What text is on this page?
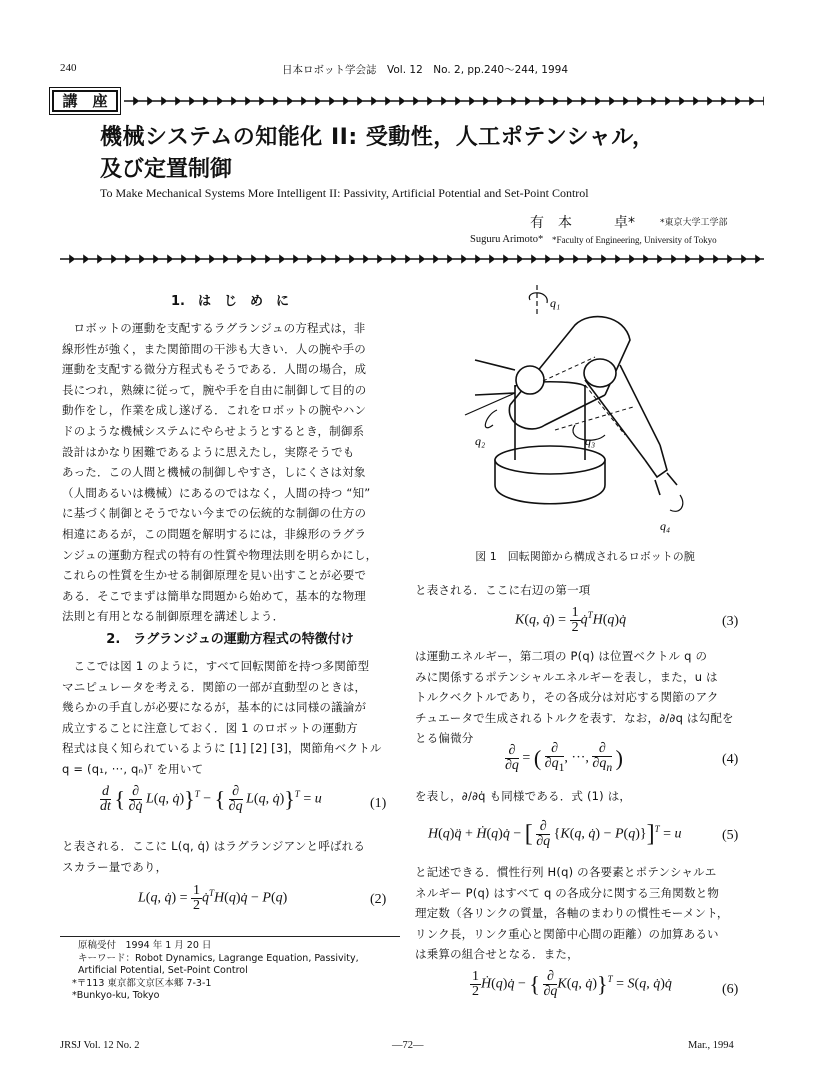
240	日本ロボット学会誌　Vol. 12　No. 2, pp.240〜244, 1994
講　座
機械システムの知能化 II: 受動性，人工ポテンシャル，
及び定置制御
To Make Mechanical Systems More Intelligent II: Passivity, Artificial Potential and Set-Point Control
有　本　　　卓*	*東京大学工学部
Suguru Arimoto* *Faculty of Engineering, University of Tokyo
1.　は　じ　め　に
ロボットの運動を支配するラグランジュの方程式は，非
線形性が強く，また関節間の干渉も大きい．人の腕や手の
運動を支配する微分方程式もそうである．人間の場合，成
長につれ，熟練に従って，腕や手を自由に制御して目的の
動作をし，作業を成し遂げる．これをロボットの腕やハン
ドのような機械システムにやらせようとするとき，制御系
設計はかなり困難であるように思えたし，実際そうでも
あった．この人間と機械の制御しやすさ，しにくさは対象
（人間あるいは機械）にあるのではなく，人間の持つ “知”
に基づく制御とそうでない今までの伝統的な制御の仕方の
相違にあるが，この問題を解明するには，非線形のラグラ
ンジュの運動方程式の特有の性質や物理法則を明らかにし，
これらの性質を生かせる制御原理を見い出すことが必要で
ある．そこでまずは簡単な問題から始めて，基本的な物理
法則と有用となる制御原理を講述しよう．
2.　ラグランジュの運動方程式の特徴付け
ここでは図 1 のように，すべて回転関節を持つ多関節型
マニピュレータを考える．関節の一部が直動型のときは，
幾らかの手直しが必要になるが，基本的には同様の議論が
成立することに注意しておく．図 1 のロボットの運動方
程式は良く知られているように [1] [2] [3]，関節角ベクトル
q = (q₁, ···, qₙ)ᵀ を用いて
$\frac{d}{dt}$ { $\frac{\partial}{\partial q̇} L(q$, q̇)}$^T$ − { $\frac{\partial}{\partial q} L(q$, q̇)}$^T$ = u	(1)
と表される．ここに L(q, q̇) はラグランジアンと呼ばれる
スカラー量であり，
L(q, q̇) = $\frac{1}{2}$ q̇$^T$H(q)q̇ − P(q)	(2)
原稿受付　1994 年 1 月 20 日
キーワード：Robot Dynamics, Lagrange Equation, Passivity,
Artificial Potential, Set-Point Control
*〒113 東京都文京区本郷 7-3-1
*Bunkyo-ku, Tokyo
q₁
q₂	q₃
q₄
図 1　回転関節から構成されるロボットの腕
と表される．ここに右辺の第一項
K(q, q̇) = $\frac{1}{2}$ q̇$^T$H(q)q̇	(3)
は運動エネルギー，第二項の P(q) は位置ベクトル q の
みに関係するポテンシャルエネルギーを表し，また，u は
トルクベクトルであり，その各成分は対応する関節のアク
チュエータで生成されるトルクを表す．なお，∂/∂q は勾配を
とる偏微分
$\frac{\partial}{\partial q}$ = ( $\frac{\partial}{\partial q_1}$ , ···, $\frac{\partial}{\partial q_n}$ )	(4)
を表し，∂/∂q̇ も同様である．式 (1) は，
H(q)q̈ + Ḣ(q)q̇ − [ $\frac{\partial}{\partial q} \{K(q$, q̇) − P(q)}]$^T$ = u	(5)
と記述できる．慣性行列 H(q) の各要素とポテンシャルエ
ネルギー P(q) はすべて q の各成分に関する三角関数と物
理定数（各リンクの質量，各軸のまわりの慣性モーメント，
リンク長，リンク重心と関節中心間の距離）の加算あるい
は乗算の組合せとなる．また，
$\frac{1}{2}$ Ḣ(q)q̇ − { $\frac{\partial}{\partial q} K(q$, q̇)}$^T$ = S(q, q̇)q̇	(6)
JRSJ Vol. 12 No. 2	—72—	Mar., 1994
